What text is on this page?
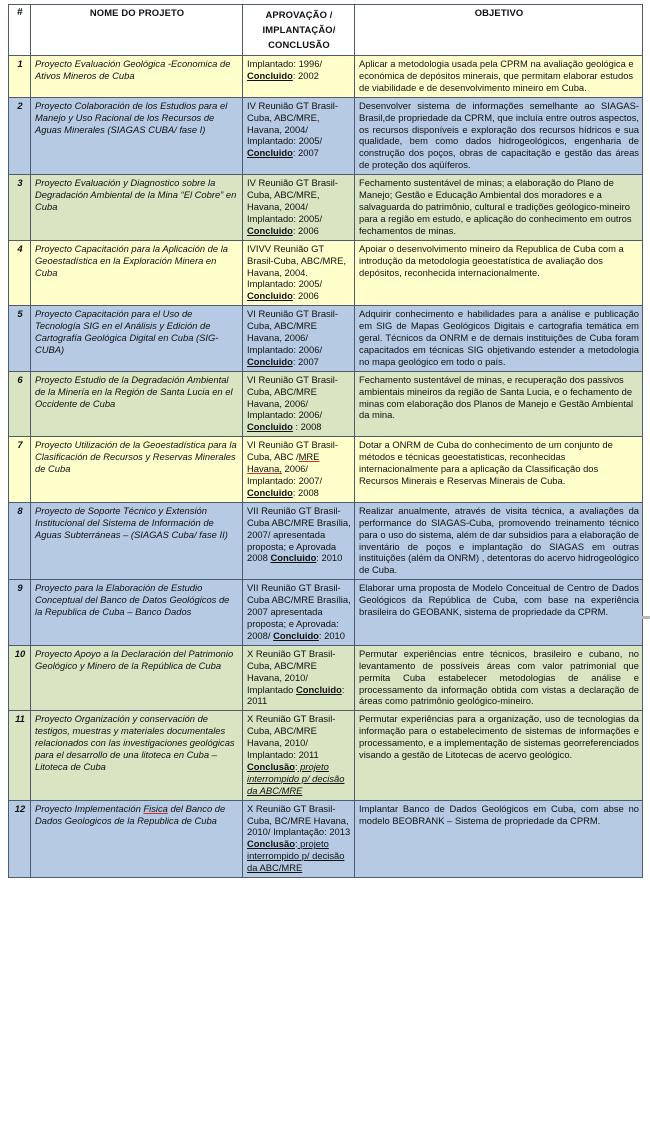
#	NOME DO PROJETO	APROVAÇÃO /
IMPLANTAÇÃO/
CONCLUSÃO	OBJETIVO
1	Proyecto Evaluación Geológica -Economica de Ativos Mineros de Cuba	Implantado: 1996/ Concluido: 2002	Aplicar a metodologia usada pela CPRM na avaliação geológica e económica de depósitos minerais, que permitam elaborar estudos de viabilidade e de desenvolvimento mineiro em Cuba.
2	Proyecto Colaboración de los Estudios para el Manejo y Uso Racional de los Recursos de Aguas Minerales (SIAGAS CUBA/ fase I)	IV Reunião GT Brasil-Cuba, ABC/MRE, Havana, 2004/ Implantado: 2005/ Concluido: 2007	Desenvolver sistema de informações semelhante ao SIAGAS-Brasil,de propriedade da CPRM, que incluía entre outros aspectos, os recursos disponíveis e exploração dos recursos hídricos e sua qualidade, bem como dados hidrogeológicos, engenharia de construção dos poços, obras de capacitação e gestão das áreas de proteção dos aqüíferos.
3	Proyecto Evaluación y Diagnostico sobre la Degradación Ambiental de la Mina “El Cobre” en Cuba	IV Reunião GT Brasil-Cuba, ABC/MRE, Havana, 2004/ Implantado: 2005/ Concluido: 2006	Fechamento sustentável de minas; a elaboração do Plano de Manejo; Gestão e Educação Ambiental dos moradores e a salvaguarda do patrimônio, cultural e tradições geólogico-mineiro para a região em estudo, e aplicação do conhecimento em outros fechamentos de minas.
4	Proyecto Capacitación para la Aplicación de la Geoestadística en la Exploración Minera en Cuba	IVIVV Reunião GT Brasil-Cuba, ABC/MRE, Havana, 2004. Implantado: 2005/ Concluido: 2006	Apoiar o desenvolvimento mineiro da Republica de Cuba com a introdução da metodologia geoestatística de avaliação dos depósitos, reconhecida internacionalmente.
5	Proyecto Capacitación para el Uso de Tecnología SIG en el Análisis y Edición de Cartografía Geológica Digital en Cuba (SIG-CUBA)	VI Reunião GT Brasil- Cuba, ABC/MRE Havana, 2006/ Implantado: 2006/ Concluido: 2007	Adquirir conhecimento e habilidades para a análise e publicação em SIG de Mapas Geológicos Digitais e cartografia temática em geral. Técnicos da ONRM e de demais instituições de Cuba foram capacitados em técnicas SIG objetivando estender a metodologia no mapa geológico em todo o país.
6	Proyecto Estudio de la Degradación Ambiental de la Minería en la Región de Santa Lucia en el Occidente de Cuba	VI Reunião GT Brasil- Cuba, ABC/MRE Havana, 2006/ Implantado: 2006/ Concluido : 2008	Fechamento sustentável de minas, e recuperação dos passivos ambientais mineiros da região de Santa Lucia, e o fechamento de minas com elaboração dos Planos de Manejo e Gestão Ambiental da mina.
7	Proyecto Utilización de la Geoestadística para la Clasificación de Recursos y Reservas Minerales de Cuba	VI Reunião GT Brasil-Cuba, ABC /MRE Havana, 2006/ Implantado: 2007/ Concluido: 2008	Dotar a ONRM de Cuba do conhecimento de um conjunto de métodos e técnicas geoestatisticas, reconhecidas internacionalmente para a aplicação da Classificação dos Recursos Minerais e Reservas Minerais de Cuba.
8	Proyecto de Soporte Técnico y Extensión Institucional del Sistema de Información de Aguas Subterráneas – (SIAGAS Cuba/ fase II)	VII Reunião GT Brasil-Cuba ABC/MRE Brasília, 2007/ apresentada proposta; e Aprovada 2008 Concluido: 2010	Realizar anualmente, através de visita técnica, a avaliações da performance do SIAGAS-Cuba, promovendo treinamento técnico para o uso do sistema, além de dar subsidios para a elaboração de inventário de poços e implantação do SIAGAS em outras instituições (além da ONRM) , detentoras do acervo hidrogeológico de Cuba.
9	Proyecto para la Elaboración de Estudio Conceptual del Banco de Datos Geológicos de la Republica de Cuba – Banco Dados	VII Reunião GT Brasil-Cuba ABC/MRE Brasília, 2007 apresentada proposta; e Aprovada: 2008/ Concluido: 2010	Elaborar uma proposta de Modelo Conceitual de Centro de Dados Geológicos da República de Cuba, com base na experiência brasileira do GEOBANK, sistema de propriedade da CPRM.
10	Proyecto Apoyo a la Declaración del Patrimonio Geológico y Minero de la República de Cuba	X Reunião GT Brasil-Cuba, ABC/MRE Havana, 2010/ Implantado Concluido: 2011	Permutar experiências entre técnicos, brasileiro e cubano, no levantamento de possíveis áreas com valor patrimonial que permita Cuba estabelecer metodologias de análise e processamento da informação obtida com vistas a declaração de áreas como patrimônio geológico-mineiro.
11	Proyecto Organización y conservación de testigos, muestras y materiales documentales relacionados con las investigaciones geológicas para el desarrollo de una litoteca en Cuba – Litoteca de Cuba	X Reunião GT Brasil-Cuba, ABC/MRE Havana, 2010/ Implantado: 2011 Conclusão: projeto interrompido p/ decisão da ABC/MRE	Permutar experiências para a organização, uso de tecnologias da informação para o estabelecimento de sistemas de informações e processamento, e a implementação de sistemas georreferenciados visando a gestão de Litotecas de acervo geológico.
12	Proyecto Implementación Fisica del Banco de Dados Geologicos de la Republica de Cuba	X Reunião GT Brasil-Cuba, BC/MRE Havana, 2010/ Implantação: 2013 Conclusão: projeto interrompido p/ decisão da ABC/MRE	Implantar Banco de Dados Geológicos em Cuba, com abse no modelo BEOBRANK – Sistema de propriedade da CPRM.
